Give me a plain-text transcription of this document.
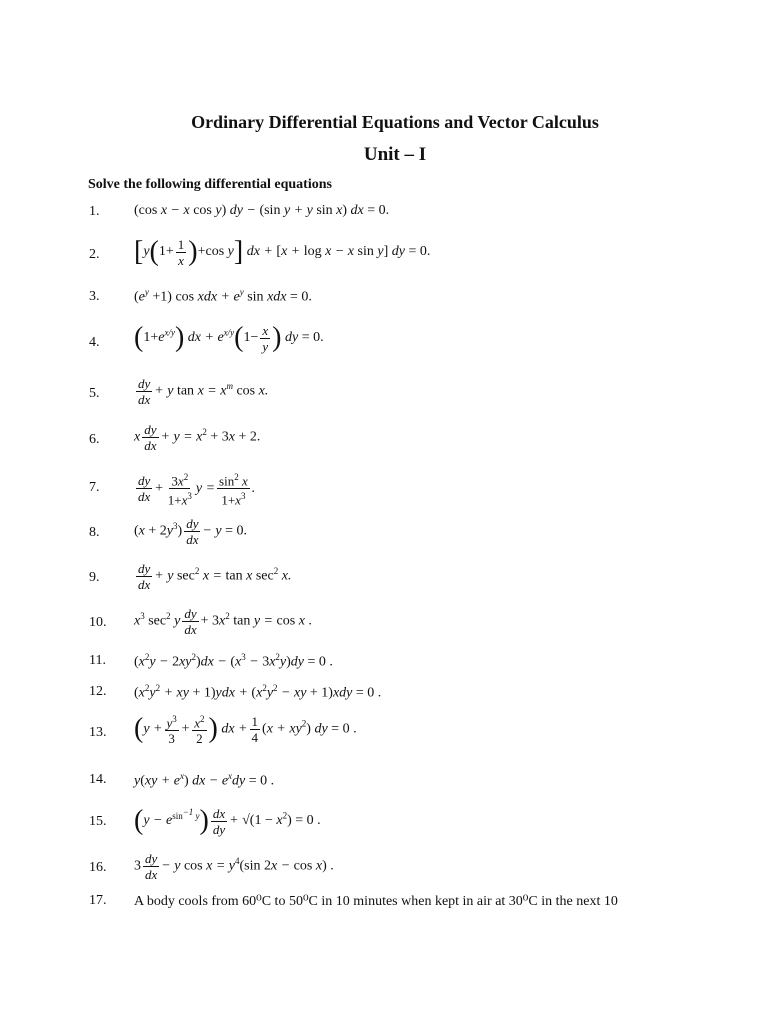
Ordinary Differential Equations and Vector Calculus
Unit – I
Solve the following differential equations
1.
2.
3.
4.
5.
6.
7.
8.
9.
10.
11.
12.
13.
14.
15.
16.
17.
(cos x − x cos y) dy − (sin y + y sin x) dx = 0.
[$y(1+ \frac{1}{x} )+\cos$ y] dx + [x + log x − x sin y] dy = 0.
$(e^y +1)$ cos xdx + $e^y$ sin xdx = 0.
$(1+e^{x/y})$ dx + $e^{x/y}(1- \frac{x}{y}$ ) dy = 0.
$\frac{dy}{dx} + y$ $\tan x = x^m$ cos x.
x $\frac{dy}{dx} + y = x^2 + 3x + 2$.
$\frac{dy}{dx} + \frac{3x^2}{1+x^3}$ $y = \frac{\sin^2 x}{1+x^3}$ .
$(x + 2y^3) \frac{dy}{dx} - y = 0$.
$\frac{dy}{dx} + y$ $\sec^2 x = \tan x$ $\sec^2 x$.
$x^3$ $\sec^2 y \frac{dy}{dx} + 3x^2$ tan y = cos x .
$(x^2y - 2xy^2)dx - (x^3 - 3x^2y)dy = 0$ .
($x^2y^2$ + xy + $1)ydx + (x^2y^2$ − xy + 1)xdy = 0 .
($y + \frac{y^3}{3} + \frac{x^2}{2}$ ) dx + $\frac{1}{4} (x + xy^2)$ dy = 0 .
$y(xy + e^x)$ dx − $e^xdy = 0$ .
$(y - e^{sin^{-1} y}) \frac{dx}{dy} + √(1 - x^2) = 0$ .
$3 \frac{dy}{dx} - y$ $\cos x = y^4(\sin$ 2x − cos x) .
A body cools from 60⁰C to 50⁰C in 10 minutes when kept in air at 30⁰C in the next 10
